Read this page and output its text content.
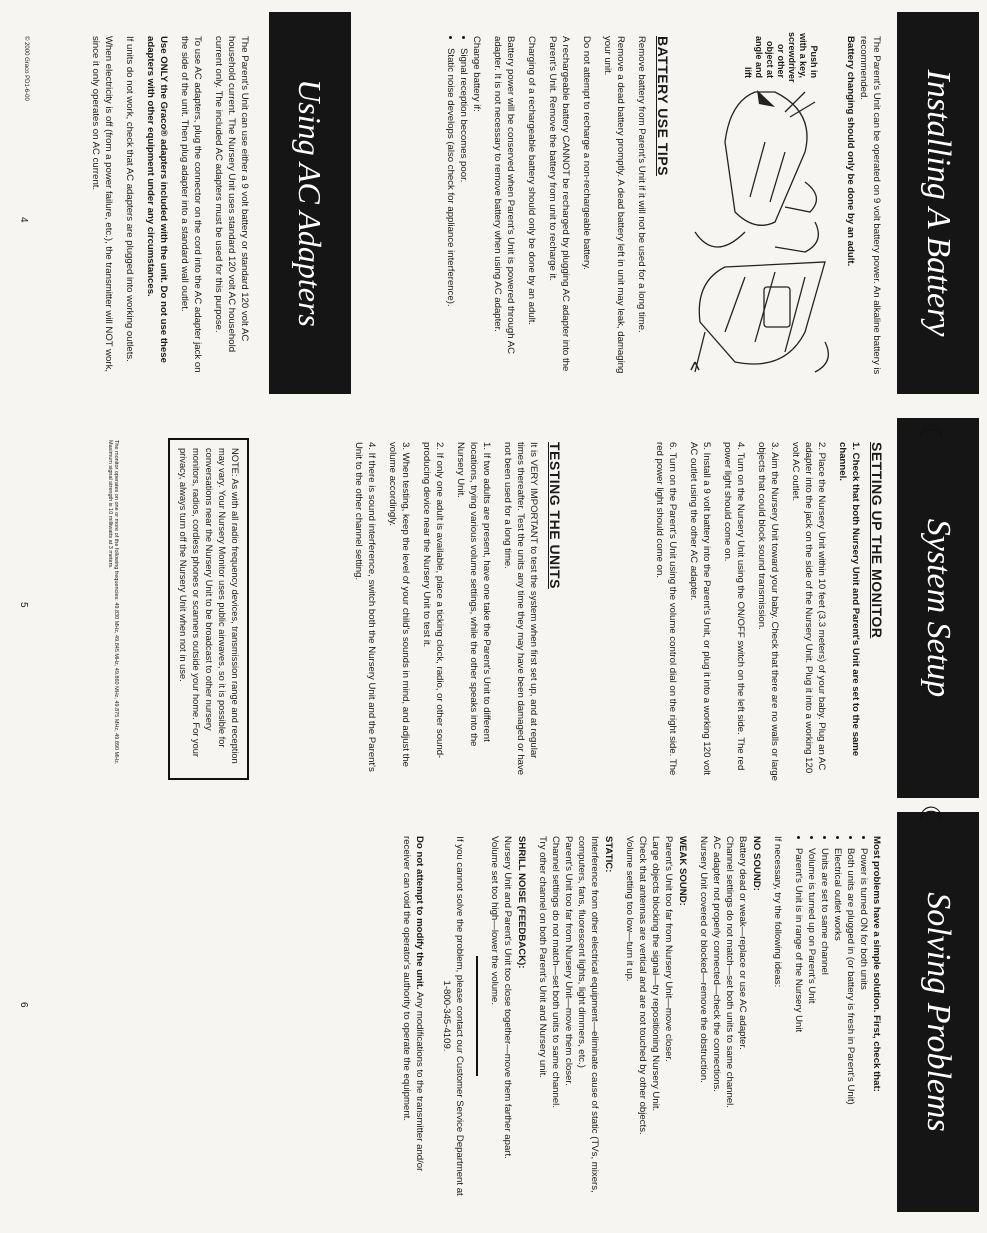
Installing A Battery

The Parent's Unit can be operated on 9 volt battery power. An alkaline battery is recommended.

Battery changing should only be done by an adult.

Push in with a key, screwdriver or other object at angle and lift
BATTERY USE TIPS

Remove battery from Parent's Unit if it will not be used for a long time.

Remove a dead battery promptly. A dead battery left in unit may leak, damaging your unit.

Do not attempt to recharge a non-rechargeable battery.

A rechargeable battery CANNOT be recharged by plugging AC adapter into the Parent's Unit. Remove the battery from unit to recharge it.

Charging of a rechargeable battery should only be done by an adult.

Battery power will be conserved when Parent's Unit is powered through AC adapter. It is not necessary to remove battery when using AC adapter.

Change battery if:
• Signal reception becomes poor.
• Static noise develops (also check for appliance interference).
Using AC Adapters

The Parent's Unit can use either a 9 volt battery or standard 120 volt AC household current. The Nursery Unit uses standard 120 volt AC household current only. The included AC adapters must be used for this purpose.

To use AC adapters, plug the connector on the cord into the AC adapter jack on the side of the unit. Then plug adapter into a standard wall outlet.

Use ONLY the Graco® adapters included with the unit. Do not use these adapters with other equipment under any circumstances.

If units do not work, check that AC adapters are plugged into working outlets.

When electricity is off (from a power failure, etc.), the transmitter will NOT work, since it only operates on AC current.

© 2000 Graco PD1-6-00
4
System Setup
☾
SETTING UP THE MONITOR

1. Check that both Nursery Unit and Parent's Unit are set to the same channel.

2. Place the Nursery Unit within 10 feet (3.3 meters) of your baby. Plug an AC adapter into the jack on the side of the Nursery Unit. Plug it into a working 120 volt AC outlet.

3. Aim the Nursery Unit toward your baby. Check that there are no walls or large objects that could block sound transmission.

4. Turn on the Nursery Unit using the ON/OFF switch on the left side. The red power light should come on.

5. Install a 9 volt battery into the Parent's Unit, or plug it into a working 120 volt AC outlet using the other AC adapter.

6. Turn on the Parent's Unit using the volume control dial on the right side. The red power light should come on.

TESTING THE UNITS

It is VERY IMPORTANT to test the system when first set up, and at regular times thereafter. Test the units any time they may have been damaged or have not been used for a long time.

1. If two adults are present, have one take the Parent's Unit to different locations, trying various volume settings, while the other speaks into the Nursery Unit.

2. If only one adult is available, place a ticking clock, radio, or other sound-producing device near the Nursery Unit to test it.

3. When testing, keep the level of your child's sounds in mind, and adjust the volume accordingly.

4. If there is sound interference, switch both the Nursery Unit and the Parent's Unit to the other channel setting.

NOTE: As with all radio frequency devices, transmission range and reception may vary. Your Nursery Monitor uses public airwaves, so it is possible for conversations near the Nursery Unit to be broadcast to other nursery monitors, radios, cordless phones or scanners outside your home. For your privacy, always turn off the Nursery Unit when not in use.
The monitor operates on one or more of the following frequencies: 49.830 MHz, 49.845 MHz, 49.860 MHz, 49.875 MHz, 49.890 MHz.
Maximum signal strength is 10 milliwatts at 3 meters.
5
Solving Problems
☾

Most problems have a simple solution. First, check that:

• Power is turned ON for both units
• Both units are plugged in (or battery is fresh in Parent's Unit)
• Electrical outlet works
• Units are set to same channel
• Volume is turned up on Parent's Unit
• Parent's Unit is in range of the Nursery Unit

If necessary, try the following ideas:

NO SOUND:
Battery dead or weak—replace or use AC adapter.
Channel settings do not match—set both units to same channel.
AC adapter not properly connected—check the connections.
Nursery Unit covered or blocked—remove the obstruction.
WEAK SOUND:
Parent's Unit too far from Nursery Unit—move closer.
Large objects blocking the signal—try repositioning Nursery Unit.
Check that antennas are vertical and are not touched by other objects.
Volume setting too low—turn it up.
STATIC:
Interference from other electrical equipment—eliminate cause of static (TVs, mixers, computers, fans, fluorescent lights, light dimmers, etc.)
Parent's Unit too far from Nursery Unit—move them closer.
Channel settings do not match—set both units to same channel.
Try other channel on both Parent's Unit and Nursery unit.
SHRILL NOISE (FEEDBACK):
Nursery Unit and Parent's Unit too close together—move them farther apart.
Volume set too high—lower the volume.

If you cannot solve the problem, please contact our Customer Service Department at 1-800-345-4109.

Do not attempt to modify the unit. Any modifications to the transmitter and/or receiver can void the operator's authority to operate the equipment.

6
